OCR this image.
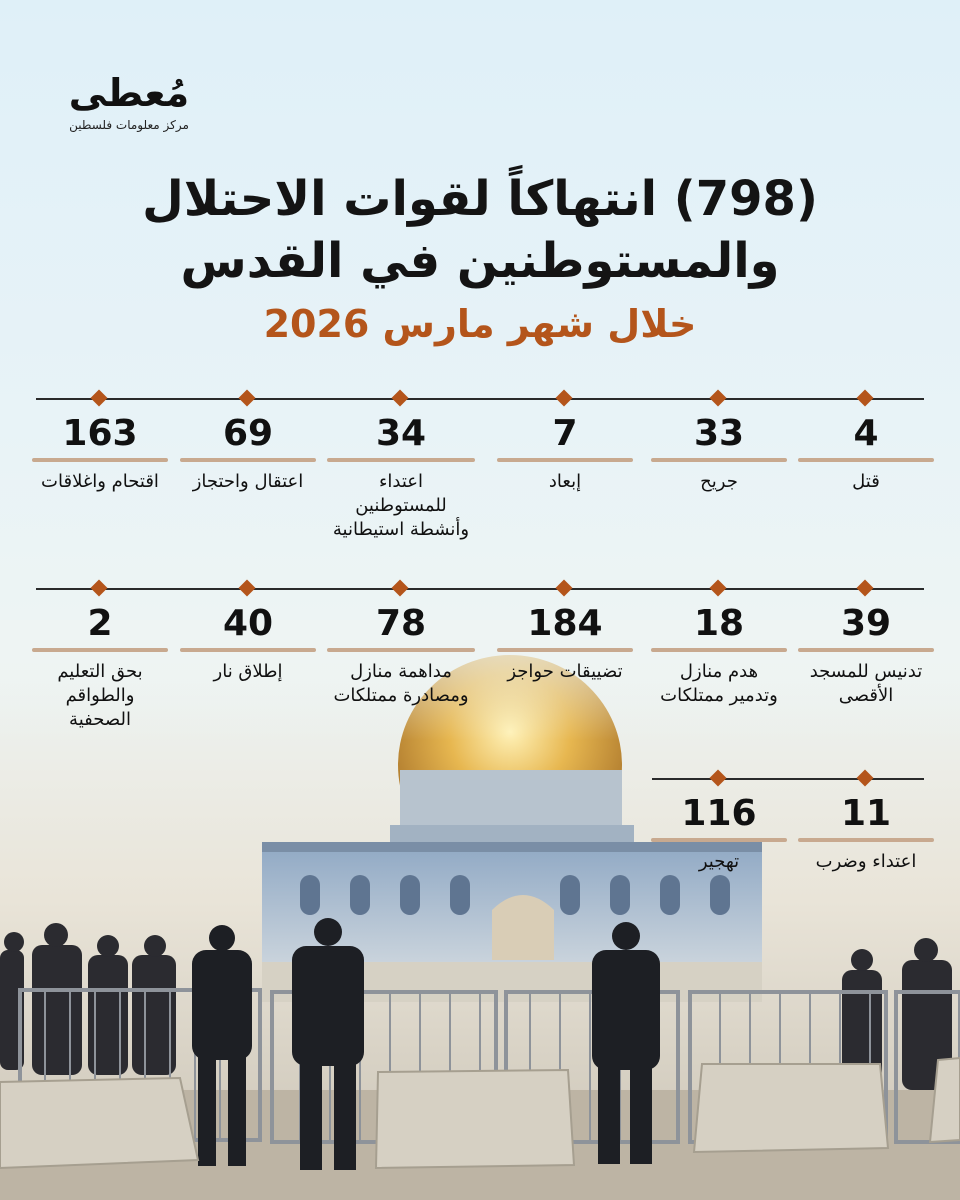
مُعطى
مركز معلومات فلسطين
(798) انتهاكاً لقوات الاحتلال
والمستوطنين في القدس
خلال شهر مارس 2026
4
قتل
33
جريح
7
إبعاد
34
اعتداء للمستوطنين وأنشطة استيطانية
69
اعتقال واحتجاز
163
اقتحام واغلاقات
39
تدنيس للمسجد الأقصى
18
هدم منازل وتدمير ممتلكات
184
تضييقات حواجز
78
مداهمة منازل ومصادرة ممتلكات
40
إطلاق نار
2
بحق التعليم والطواقم الصحفية
11
اعتداء وضرب
116
تهجير
